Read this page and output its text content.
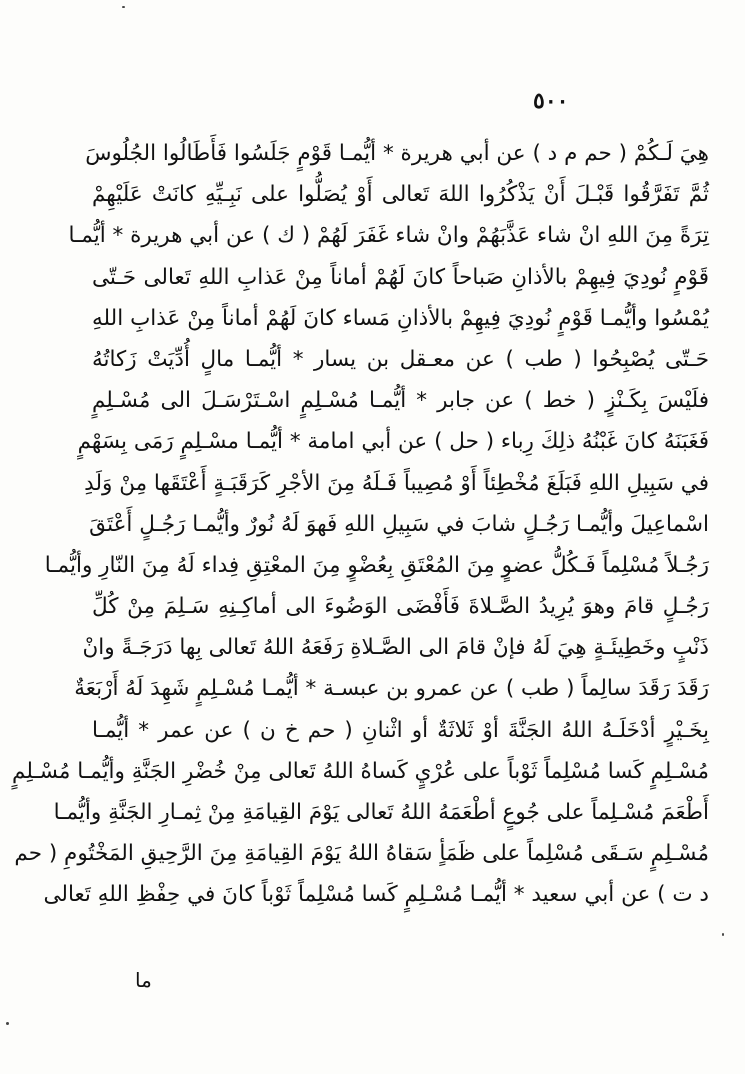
٥٠٠
هِيَ لَـكُمْ ( حم م د ) عن أبي هريرة * أيُّمـا قَوْمٍ جَلَسُوا فَأَطَالُوا الجُلُوسَ
ثُمَّ تَفَرَّقُوا قَبْـلَ أَنْ يَذْكُرُوا اللهَ تَعالى أَوْ يُصَلُّوا على نَبِـيِّهِ كانَتْ عَلَيْهِمْ
تِرَةً مِنَ اللهِ انْ شاء عَذَّبَهُمْ وانْ شاء غَفَرَ لَهُمْ ( ك ) عن أبي هريرة * أيُّمـا
قَوْمٍ نُودِيَ فِيهِمْ بالأذانِ صَباحاً كانَ لَهُمْ أماناً مِنْ عَذابِ اللهِ تَعالى حَـتّى
يُمْسُوا وأيُّمـا قَوْمٍ نُودِيَ فِيهِمْ بالأذانِ مَساء كانَ لَهُمْ أماناً مِنْ عَذابِ اللهِ
حَـتّى يُصْبِحُوا ( طب ) عن معـقل بن يسار * أيُّمـا مالٍ أُدِّيَتْ زَكاتُهُ
فلَيْسَ بِكَـنْزٍ ( خط ) عن جابر * أيُّمـا مُسْـلِمٍ اسْـتَرْسَـلَ الى مُسْـلِمٍ
فَغَبَنَهُ كانَ غَبْنُهُ ذلِكَ رِباء ( حل ) عن أبي امامة * أيُّمـا مسْـلِمٍ رَمَى بِسَهْمٍ
في سَبِيلِ اللهِ فَبَلَغَ مُخْطِئاً أَوْ مُصِيباً فَـلَهُ مِنَ الأجْرِ كَرَقَبَـةٍ أَعْتَقَها مِنْ وَلَدِ
اسْماعِيلَ وأيُّمـا رَجُـلٍ شابَ في سَبِيلِ اللهِ فَهوَ لَهُ نُورٌ وأيُّمـا رَجُـلٍ أَعْتَقَ
رَجُـلاً مُسْلِماً فَـكُلُّ عضوٍ مِنَ المُعْتَقِ بِعُضْوٍ مِنَ المعْتِقِ فِداء لَهُ مِنَ النّارِ وأيُّمـا
رَجُـلٍ قامَ وهوَ يُرِيدُ الصَّـلاةَ فَأَفْضَى الوَضُوءَ الى أماكِـنِهِ سَـلِمَ مِنْ كُلِّ
ذَنْبٍ وخَطِيئَـةٍ هِيَ لَهُ فإنْ قامَ الى الصَّـلاةِ رَفَعَهُ اللهُ تَعالى بِها دَرَجَـةً وانْ
رَقَدَ رَقَدَ سالِماً ( طب ) عن عمرو بن عبسـة * أيُّمـا مُسْـلِمٍ شَهِدَ لَهُ أَرْبَعَةٌ
بِخَـيْرٍ أدْخَلَـهُ اللهُ الجَنَّةَ أوْ ثَلاثَةٌ أو اثْنانِ ( حم خ ن ) عن عمر * أيُّمـا
مُسْـلِمٍ كَسا مُسْلِماً ثَوْباً على عُرْيٍ كَساهُ اللهُ تَعالى مِنْ خُضْرِ الجَنَّةِ وأيُّمـا مُسْـلِمٍ
أَطْعَمَ مُسْـلِماً على جُوعٍ أطْعَمَهُ اللهُ تَعالى يَوْمَ القِيامَةِ مِنْ ثِمـارِ الجَنَّةِ وأيُّمـا
مُسْـلِمٍ سَـقَى مُسْلِماً على ظَمَأٍ سَقاهُ اللهُ يَوْمَ القِيامَةِ مِنَ الرَّحِيقِ المَخْتُومِ ( حم
د ت ) عن أبي سعيد * أيُّمـا مُسْـلِمٍ كَسا مُسْلِماً ثَوْباً كانَ في حِفْظِ اللهِ تَعالى
ما
